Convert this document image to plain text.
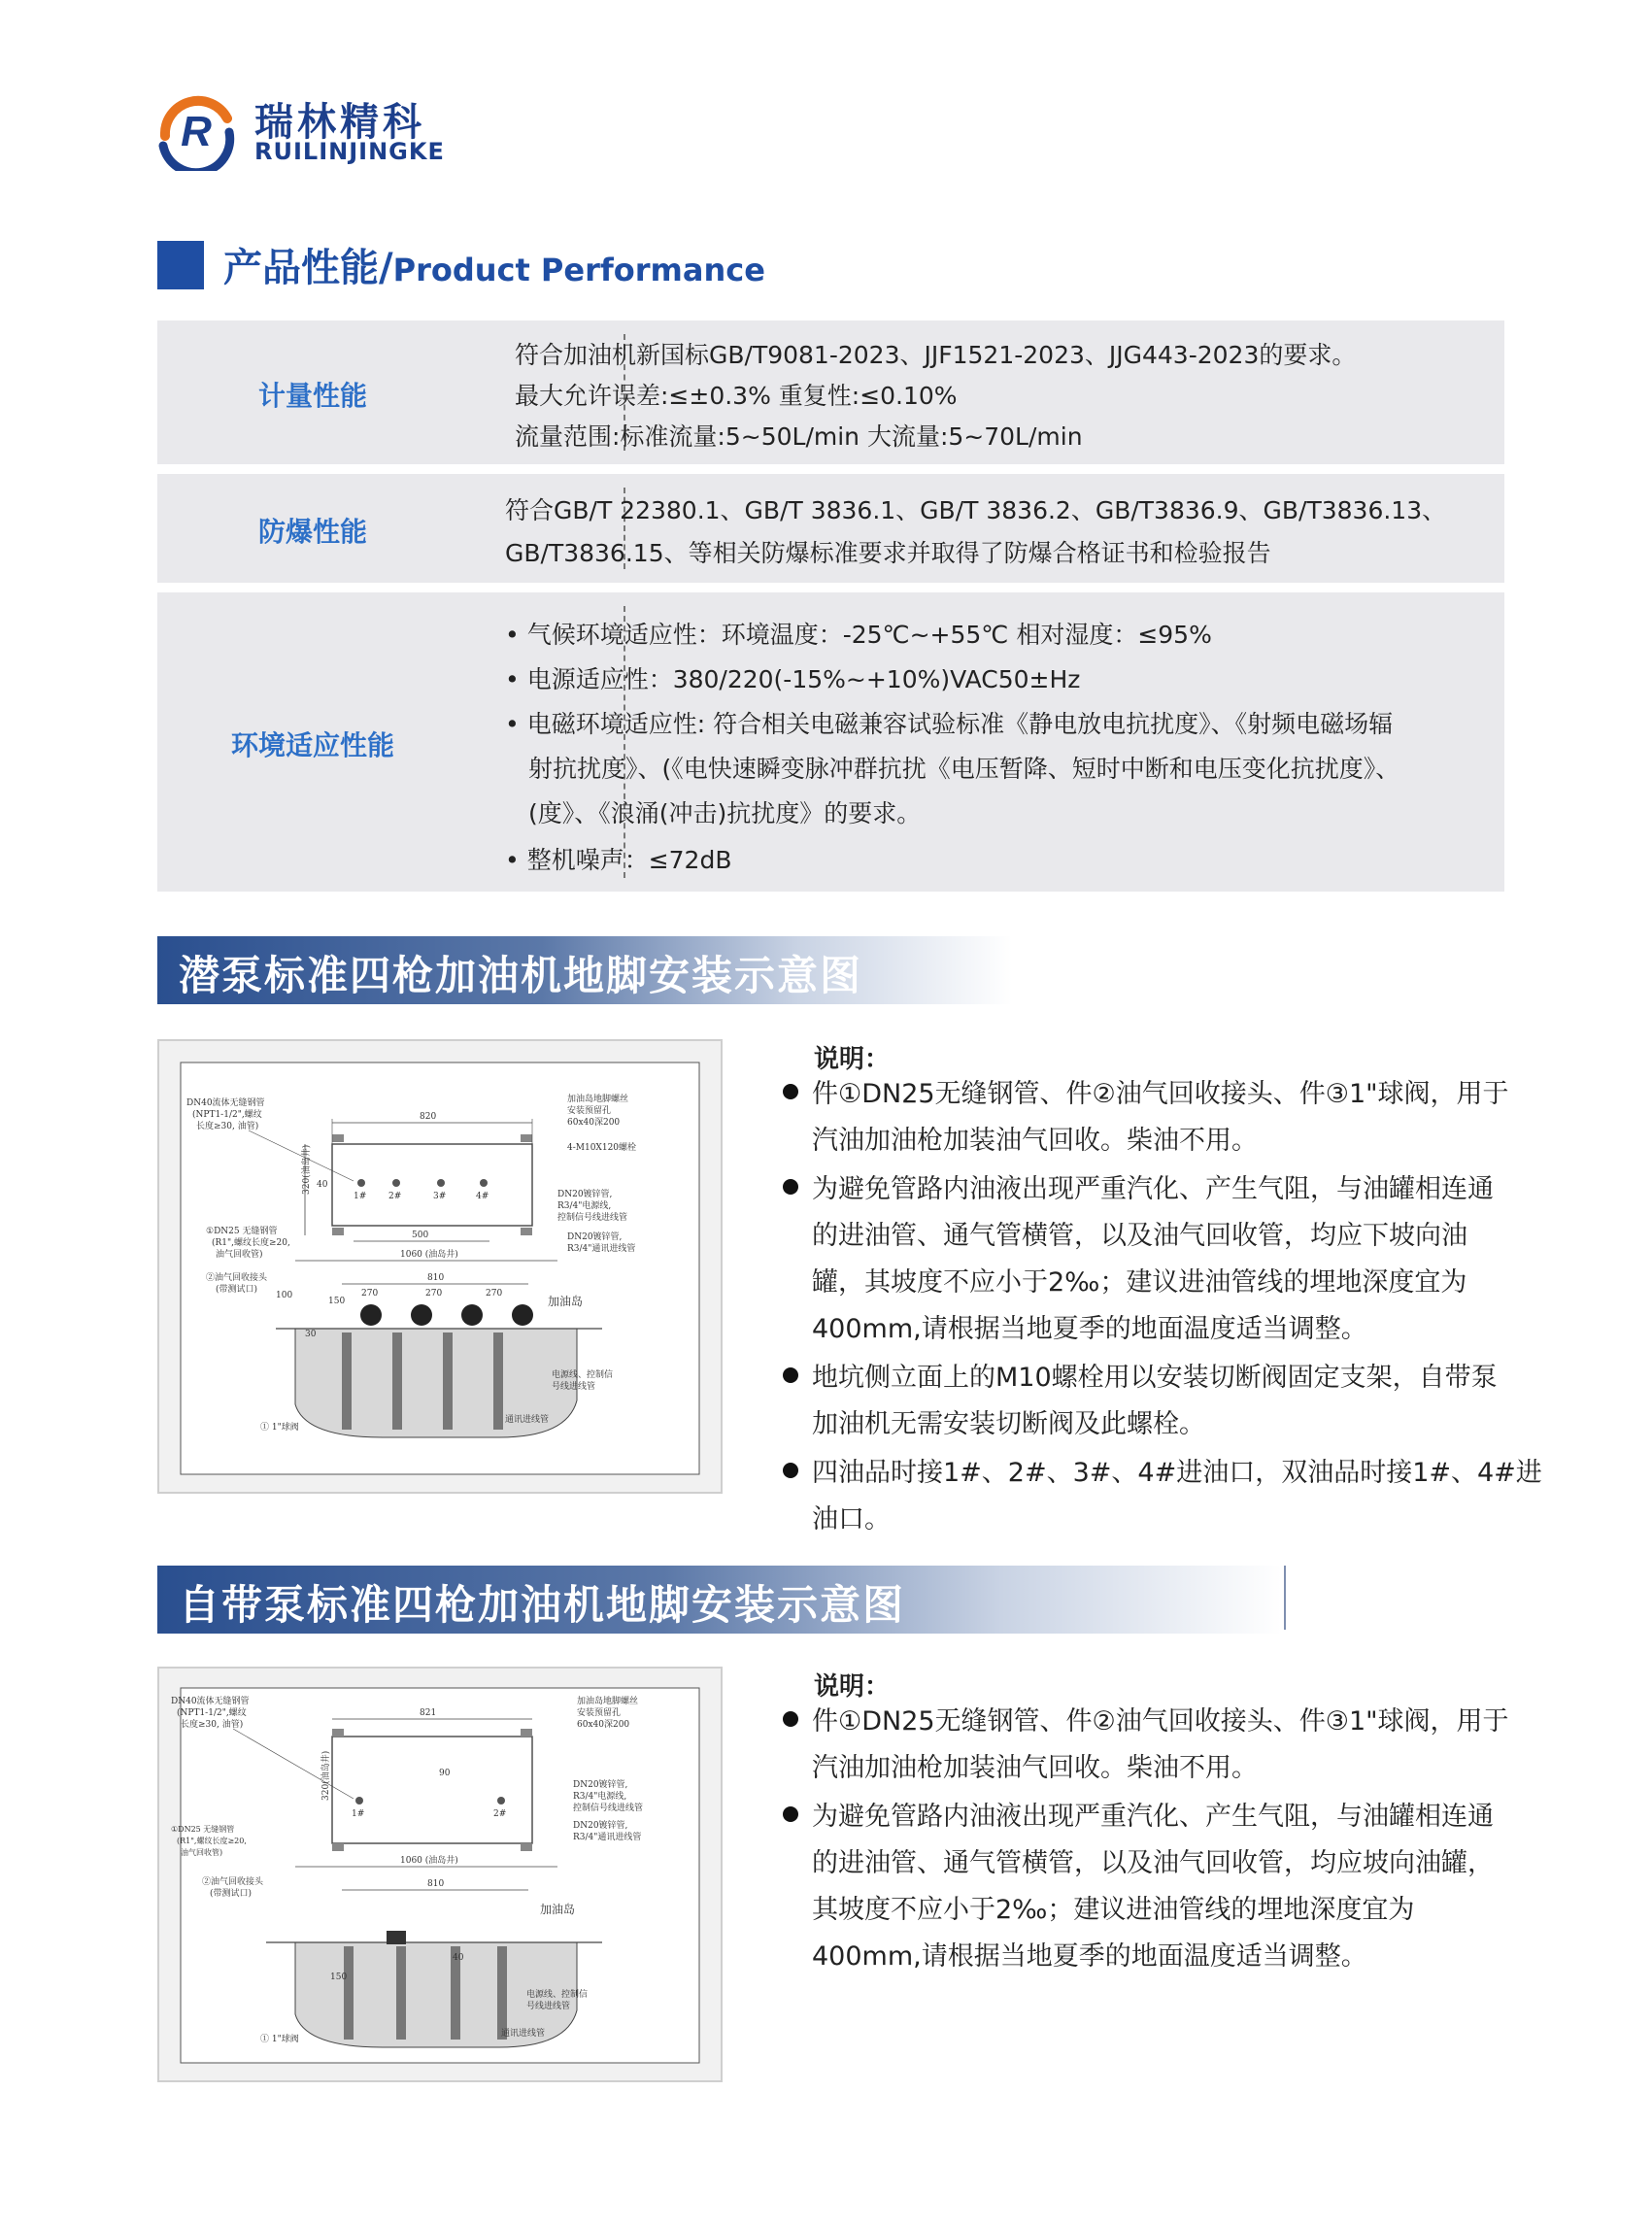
R 瑞林精科
RUILINJINGKE
产品性能/Product Performance
计量性能
符合加油机新国标GB/T9081-2023、JJF1521-2023、JJG443-2023的要求。
最大允许误差:≤±0.3% 重复性:≤0.10%
流量范围:标准流量:5~50L/min 大流量:5~70L/min
防爆性能
符合GB/T 22380.1、GB/T 3836.1、GB/T 3836.2、GB/T3836.9、GB/T3836.13、
GB/T3836.15、等相关防爆标准要求并取得了防爆合格证书和检验报告
环境适应性能
• 气候环境适应性：环境温度：-25℃~+55℃ 相对湿度：≤95%
• 电源适应性：380/220(-15%~+10%)VAC50±Hz
• 电磁环境适应性: 符合相关电磁兼容试验标准《静电放电抗扰度》、《射频电磁场辐
射抗扰度》、(《电快速瞬变脉冲群抗扰《电压暂降、短时中断和电压变化抗扰度》、
(度》、《浪涌(冲击)抗扰度》的要求。
• 整机噪声：≤72dB
潜泵标准四枪加油机地脚安装示意图
820
1#	2#	3#	4#
320(油岛井) 40
500
1060 (油岛井)
DN40流体无缝钢管
(NPT1-1/2",螺纹
长度≥30, 油管)
加油岛地脚螺丝
安装预留孔
60x40深200
4-M10X120螺栓
DN20镀锌管,
R3/4"电源线,
控制信号线进线管
DN20镀锌管,
R3/4"通讯进线管
①DN25 无缝钢管
(R1",螺纹长度≥20,
油气回收管)
810
270	270	270
100
30
150
②油气回收接头
(带测试口)
加油岛
电源线、控制信
号线进线管
通讯进线管
① 1"球阀
说明：
件①DN25无缝钢管、件②油气回收接头、件③1"球阀，用于
汽油加油枪加装油气回收。柴油不用。
为避免管路内油液出现严重汽化、产生气阻，与油罐相连通
的进油管、通气管横管，以及油气回收管，均应下坡向油
罐，其坡度不应小于2‰；建议进油管线的埋地深度宜为
400mm,请根据当地夏季的地面温度适当调整。
地坑侧立面上的M10螺栓用以安装切断阀固定支架，自带泵
加油机无需安装切断阀及此螺栓。
四油品时接1#、2#、3#、4#进油口，双油品时接1#、4#进
油口。
自带泵标准四枪加油机地脚安装示意图
821
1#	2#
90
320(油岛井)
1060 (油岛井)
DN40流体无缝钢管
(NPT1-1/2",螺纹
长度≥30, 油管)
加油岛地脚螺丝
安装预留孔
60x40深200
DN20镀锌管,
R3/4"电源线,
控制信号线进线管
DN20镀锌管,
R3/4"通讯进线管
①DN25 无缝钢管
(R1",螺纹长度≥20,
油气回收管)
810
150
40
②油气回收接头
(带测试口)
加油岛
电源线、控制信
号线进线管
通讯进线管
① 1"球阀
说明：
件①DN25无缝钢管、件②油气回收接头、件③1"球阀，用于
汽油加油枪加装油气回收。柴油不用。
为避免管路内油液出现严重汽化、产生气阻，与油罐相连通
的进油管、通气管横管，以及油气回收管，均应坡向油罐，
其坡度不应小于2‰；建议进油管线的埋地深度宜为
400mm,请根据当地夏季的地面温度适当调整。
